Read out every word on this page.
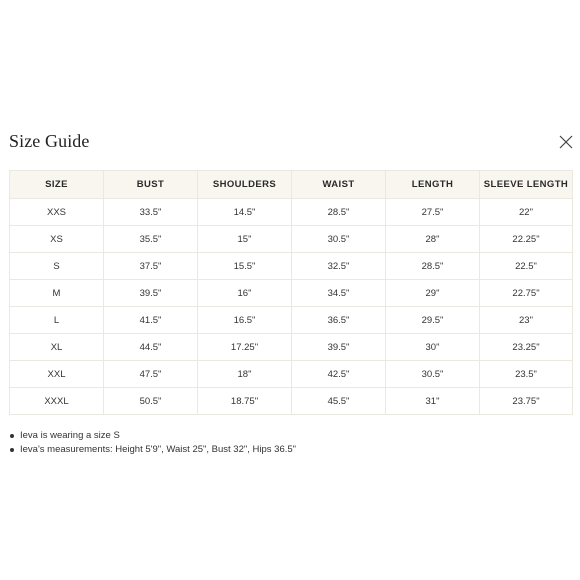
Size Guide
SIZE	BUST	SHOULDERS	WAIST	LENGTH	SLEEVE LENGTH
XXS	33.5"	14.5"	28.5"	27.5"	22"
XS	35.5"	15"	30.5"	28"	22.25"
S	37.5"	15.5"	32.5"	28.5"	22.5"
M	39.5"	16"	34.5"	29"	22.75"
L	41.5"	16.5"	36.5"	29.5"	23"
XL	44.5"	17.25"	39.5"	30"	23.25"
XXL	47.5"	18"	42.5"	30.5"	23.5"
XXXL	50.5"	18.75"	45.5"	31"	23.75"
Ieva is wearing a size S
Ieva's measurements: Height 5'9", Waist 25", Bust 32", Hips 36.5"
